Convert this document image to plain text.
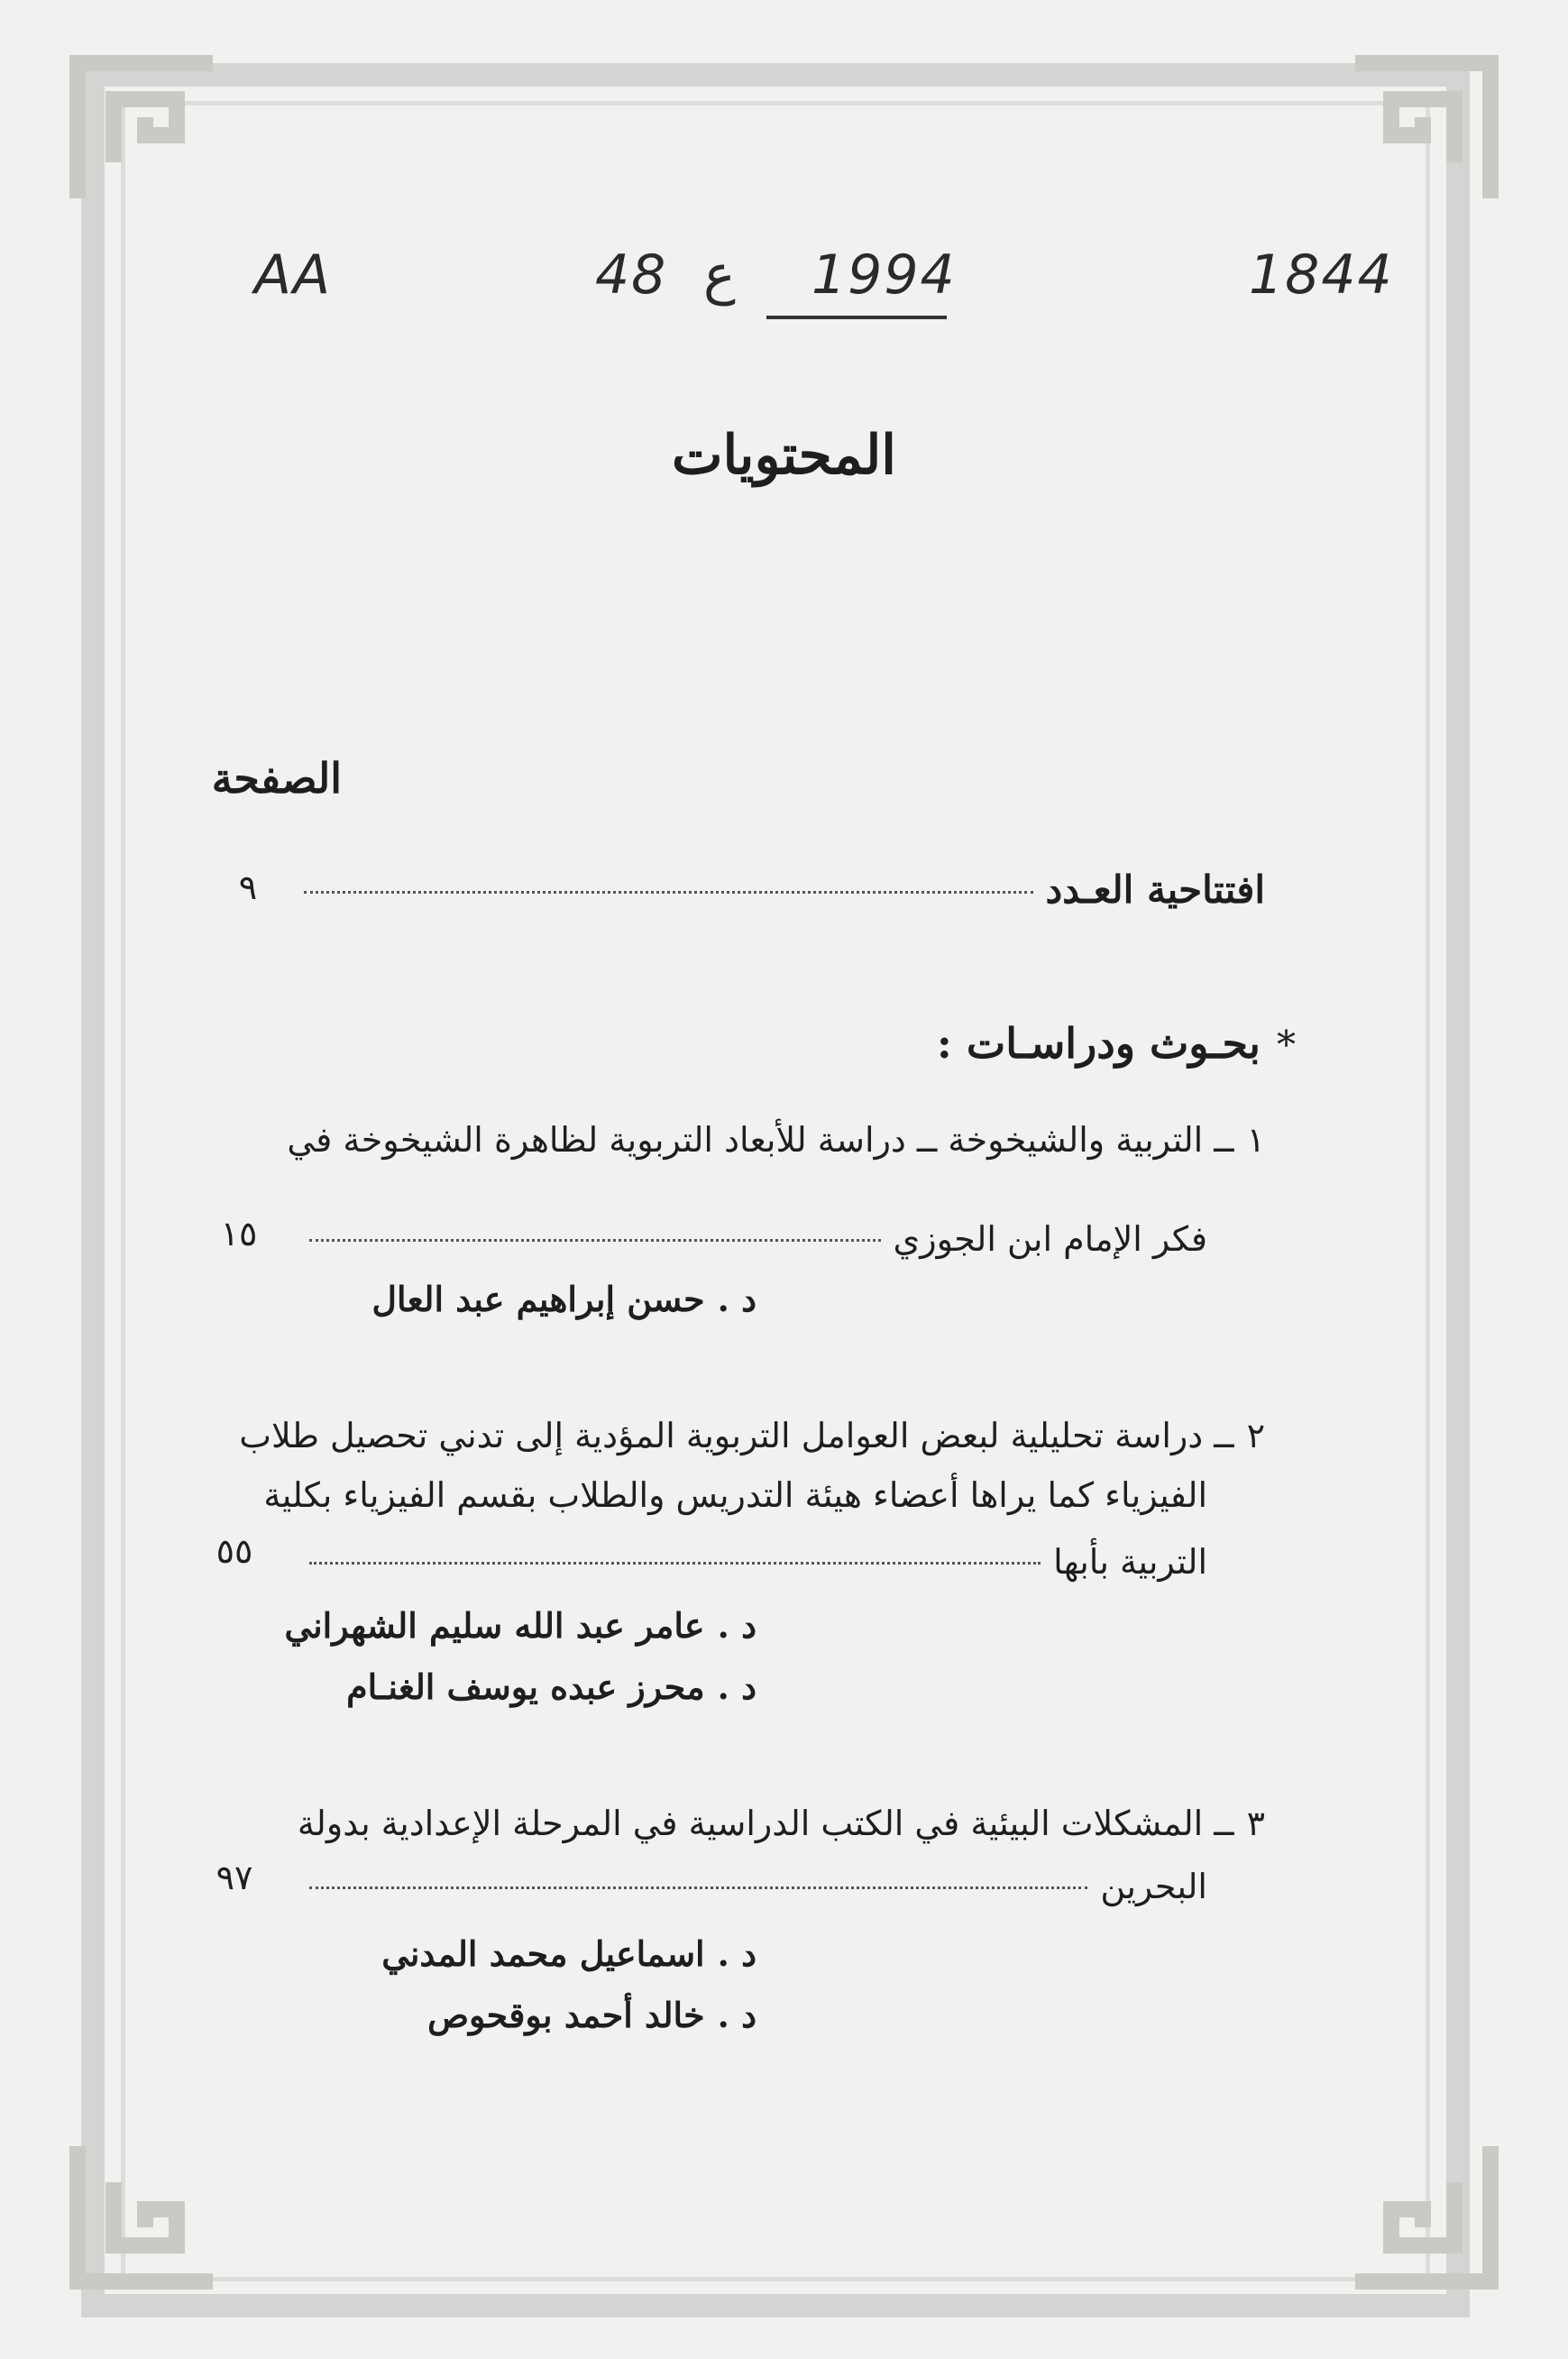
AA	48 ع 1994	1844
المحتويات
الصفحة
افتتاحية العـدد
٩
*بحـوث ودراسـات :
١ــ التربية والشيخوخة ــ دراسة للأبعاد التربوية لظاهرة الشيخوخة في
فكر الإمام ابن الجوزي
١٥
د .حسن إبراهيم عبد العال
٢ــ دراسة تحليلية لبعض العوامل التربوية المؤدية إلى تدني تحصيل طلاب
الفيزياء كما يراها أعضاء هيئة التدريس والطلاب بقسم الفيزياء بكلية
التربية بأبها
٥٥
د .عامر عبد الله سليم الشهراني
د .محرز عبده يوسف الغنـام
٣ــ المشكلات البيئية في الكتب الدراسية في المرحلة الإعدادية بدولة
البحرين
٩٧
د .اسماعيل محمد المدني
د .خالد أحمد بوقحوص
